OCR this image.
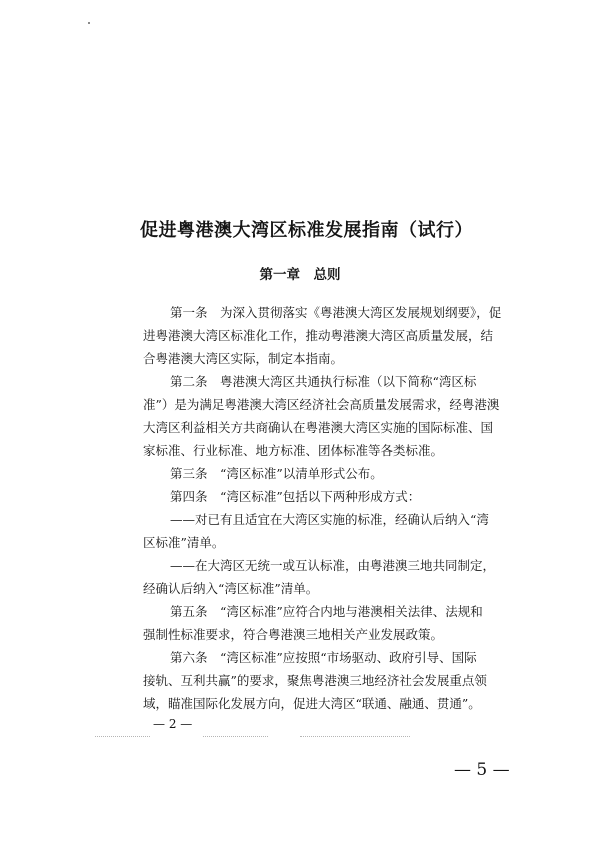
促进粤港澳大湾区标准发展指南（试行）
第一章　总则
第一条　为深入贯彻落实《粤港澳大湾区发展规划纲要》，促
进粤港澳大湾区标准化工作，推动粤港澳大湾区高质量发展，结
合粤港澳大湾区实际，制定本指南。
第二条　粤港澳大湾区共通执行标准（以下简称“湾区标
准”）是为满足粤港澳大湾区经济社会高质量发展需求，经粤港澳
大湾区利益相关方共商确认在粤港澳大湾区实施的国际标准、国
家标准、行业标准、地方标准、团体标准等各类标准。
第三条　“湾区标准”以清单形式公布。
第四条　“湾区标准”包括以下两种形成方式：
——对已有且适宜在大湾区实施的标准，经确认后纳入“湾
区标准”清单。
——在大湾区无统一或互认标准，由粤港澳三地共同制定，
经确认后纳入“湾区标准”清单。
第五条　“湾区标准”应符合内地与港澳相关法律、法规和
强制性标准要求，符合粤港澳三地相关产业发展政策。
第六条　“湾区标准”应按照“市场驱动、政府引导、国际
接轨、互利共赢”的要求，聚焦粤港澳三地经济社会发展重点领
域，瞄准国际化发展方向，促进大湾区“联通、融通、贯通”。
— 2 —
— 5 —
